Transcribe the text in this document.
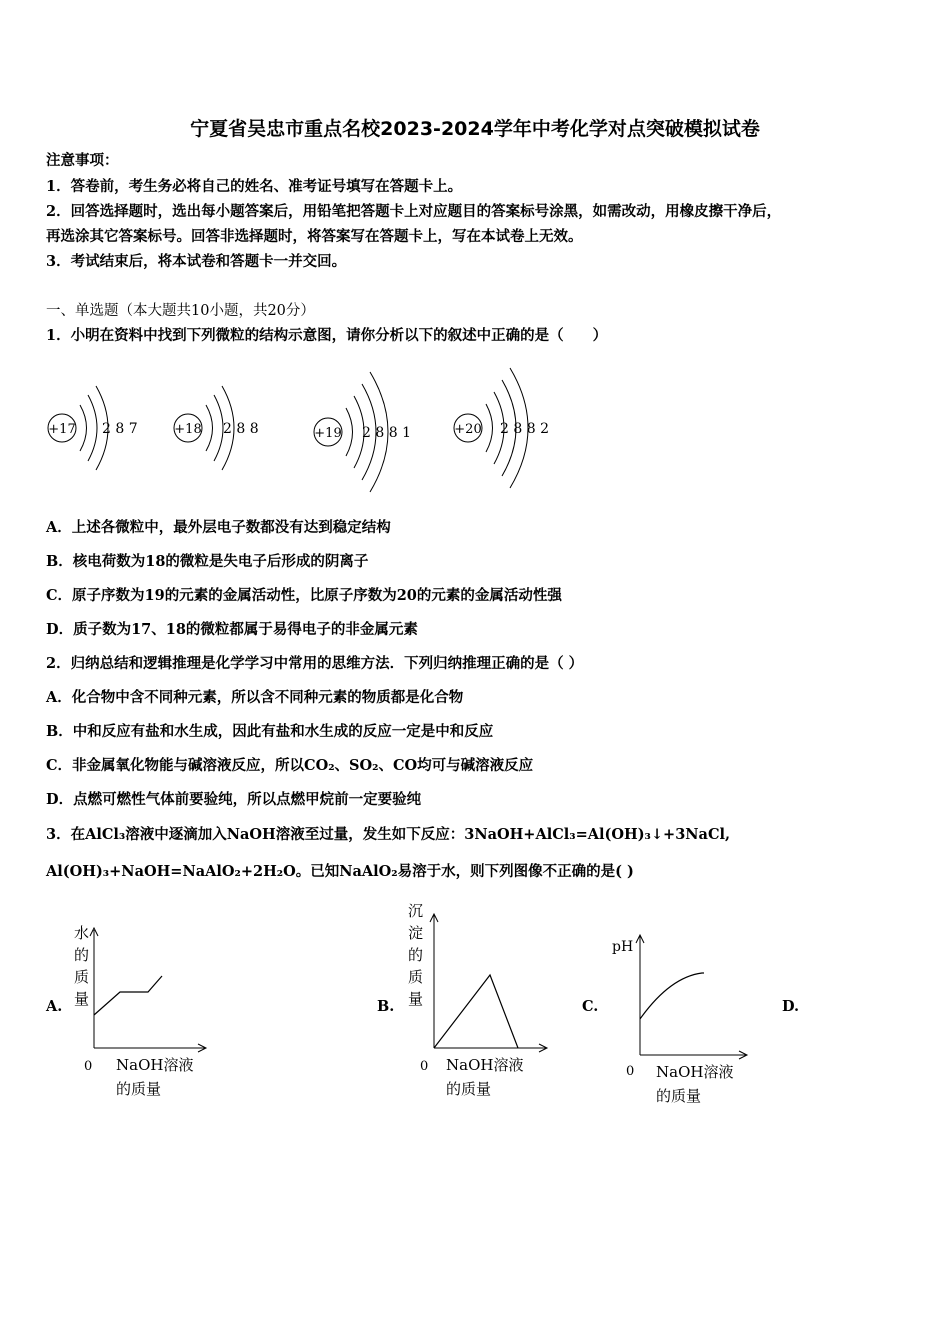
宁夏省吴忠市重点名校2023-2024学年中考化学对点突破模拟试卷
注意事项：
1．答卷前，考生务必将自己的姓名、准考证号填写在答题卡上。
2．回答选择题时，选出每小题答案后，用铅笔把答题卡上对应题目的答案标号涂黑，如需改动，用橡皮擦干净后，
再选涂其它答案标号。回答非选择题时，将答案写在答题卡上，写在本试卷上无效。
3．考试结束后，将本试卷和答题卡一并交回。
一、单选题（本大题共10小题，共20分）
1．小明在资料中找到下列微粒的结构示意图，请你分析以下的叙述中正确的是（　　）
+17 2 8 7	+18 2 8 8	+19 2 8 8 1	+20 2 8 8 2
A．上述各微粒中，最外层电子数都没有达到稳定结构
B．核电荷数为18的微粒是失电子后形成的阴离子
C．原子序数为19的元素的金属活动性，比原子序数为20的元素的金属活动性强
D．质子数为17、18的微粒都属于易得电子的非金属元素
2．归纳总结和逻辑推理是化学学习中常用的思维方法．下列归纳推理正确的是（ ）
A．化合物中含不同种元素，所以含不同种元素的物质都是化合物
B．中和反应有盐和水生成，因此有盐和水生成的反应一定是中和反应
C．非金属氧化物能与碱溶液反应，所以CO₂、SO₂、CO均可与碱溶液反应
D．点燃可燃性气体前要验纯，所以点燃甲烷前一定要验纯
3．在AlCl₃溶液中逐滴加入NaOH溶液至过量，发生如下反应：3NaOH+AlCl₃=Al(OH)₃↓+3NaCl,
Al(OH)₃+NaOH=NaAlO₂+2H₂O。已知NaAlO₂易溶于水，则下列图像不正确的是( )
A.
水
的
质
量
0 NaOH溶液
的质量
B.
沉
淀
的
质
量
0 NaOH溶液
的质量
C.
pH
0 NaOH溶液
的质量
D.
